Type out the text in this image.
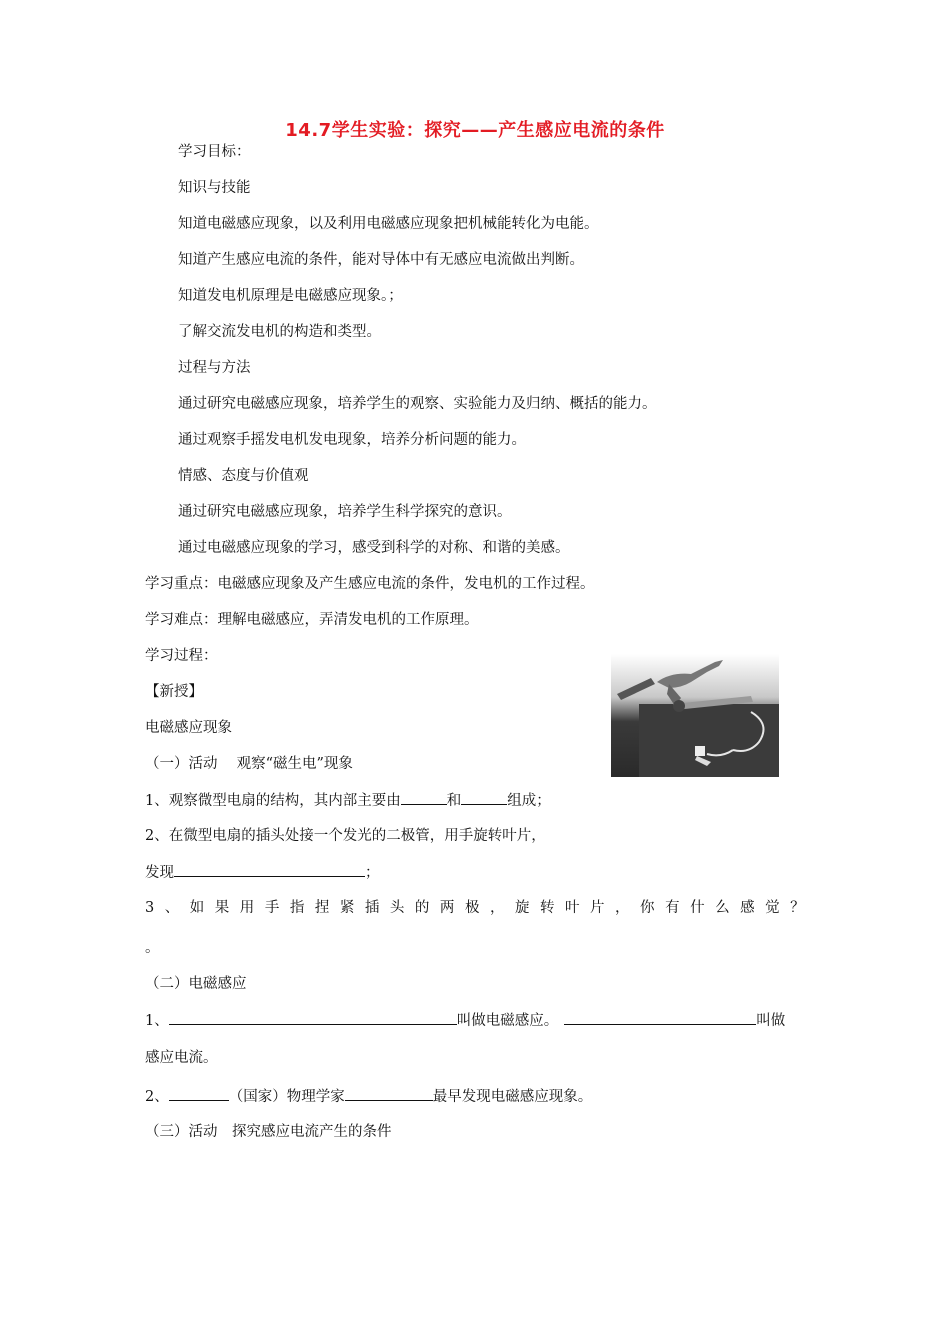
14.7学生实验：探究——产生感应电流的条件
学习目标：
知识与技能
知道电磁感应现象，以及利用电磁感应现象把机械能转化为电能。
知道产生感应电流的条件，能对导体中有无感应电流做出判断。
知道发电机原理是电磁感应现象。；
了解交流发电机的构造和类型。
过程与方法
通过研究电磁感应现象，培养学生的观察、实验能力及归纳、概括的能力。
通过观察手摇发电机发电现象，培养分析问题的能力。
情感、态度与价值观
通过研究电磁感应现象，培养学生科学探究的意识。
通过电磁感应现象的学习，感受到科学的对称、和谐的美感。
学习重点：电磁感应现象及产生感应电流的条件，发电机的工作过程。
学习难点：理解电磁感应，弄清发电机的工作原理。
学习过程：
【新授】
电磁感应现象
（一）活动　 观察“磁生电”现象
1、观察微型电扇的结构，其内部主要由	和	组成；
2、在微型电扇的插头处接一个发光的二极管，用手旋转叶片，
发现	；
3 、 如 果 用 手 指 捏 紧 插 头 的 两 极 ， 旋 转 叶 片 ， 你 有 什 么 感 觉 ？
。
（二）电磁感应
1、	叫做电磁感应。	叫做
感应电流。
2、	（国家）物理学家	最早发现电磁感应现象。
（三）活动　探究感应电流产生的条件
